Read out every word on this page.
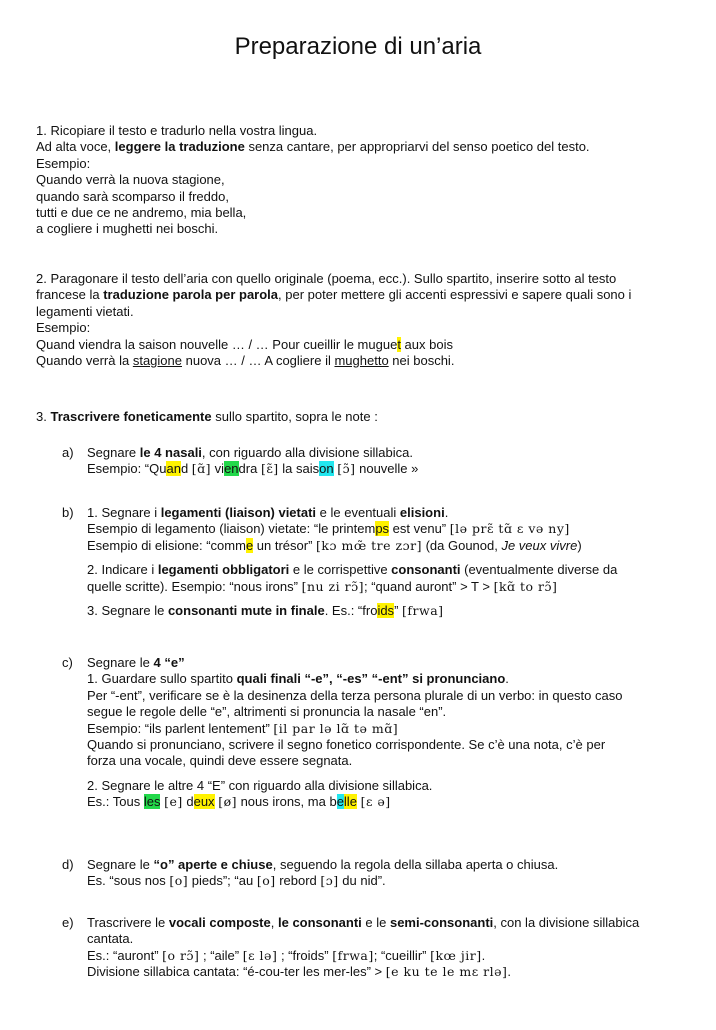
Preparazione di un’aria

1. Ricopiare il testo e tradurlo nella vostra lingua.

Ad alta voce, leggere la traduzione senza cantare, per appropriarvi del senso poetico del testo.

Esempio:

Quando verrà la nuova stagione,

quando sarà scomparso il freddo,

tutti e due ce ne andremo, mia bella,

a cogliere i mughetti nei boschi.

2. Paragonare il testo dell’aria con quello originale (poema, ecc.). Sullo spartito, inserire sotto al testo

francese la traduzione parola per parola, per poter mettere gli accenti espressivi e sapere quali sono i

legamenti vietati.

Esempio:

Quand viendra la saison nouvelle … / … Pour cueillir le muguet aux bois

Quando verrà la stagione nuova … / … A cogliere il mughetto nei boschi.

3. Trascrivere foneticamente sullo spartito, sopra le note :

a) Segnare le 4 nasali, con riguardo alla divisione sillabica.

Esempio: “Quand [ɑ̃] viendra [ɛ̃] la saison [ɔ̃] nouvelle »

b) 1. Segnare i legamenti (liaison) vietati e le eventuali elisioni.

Esempio di legamento (liaison) vietate: “le printemps est venu” [lə prɛ̃ tɑ̃ ɛ və ny]

Esempio di elisione: “comme un trésor” [kɔ mœ̃ tre zɔr] (da Gounod, Je veux vivre)

2. Indicare i legamenti obbligatori e le corrispettive consonanti (eventualmente diverse da

quelle scritte). Esempio: “nous irons” [nu zi rɔ̃]; “quand auront” > T > [kɑ̃ to rɔ̃]

3. Segnare le consonanti mute in finale. Es.: “froids” [frwa]

c) Segnare le 4 “e”

1. Guardare sullo spartito quali finali “-e”, “-es” “-ent” si pronunciano.

Per “-ent”, verificare se è la desinenza della terza persona plurale di un verbo: in questo caso

segue le regole delle “e”, altrimenti si pronuncia la nasale “en”.

Esempio: “ils parlent lentement” [il par lə lɑ̃ tə mɑ̃]

Quando si pronunciano, scrivere il segno fonetico corrispondente. Se c’è una nota, c’è per

forza una vocale, quindi deve essere segnata.

2. Segnare le altre 4 “E” con riguardo alla divisione sillabica.

Es.: Tous les [e] deux [ø] nous irons, ma belle [ɛ ə]

d) Segnare le “o” aperte e chiuse, seguendo la regola della sillaba aperta o chiusa.

Es. “sous nos [o] pieds”; “au [o] rebord [ɔ] du nid”.

e) Trascrivere le vocali composte, le consonanti e le semi-consonanti, con la divisione sillabica

cantata.

Es.: “auront” [o rɔ̃] ; “aile” [ɛ lə] ; “froids” [frwa]; “cueillir” [kœ jir].

Divisione sillabica cantata: “é-cou-ter les mer-les” > [e ku te le mɛ rlə].
